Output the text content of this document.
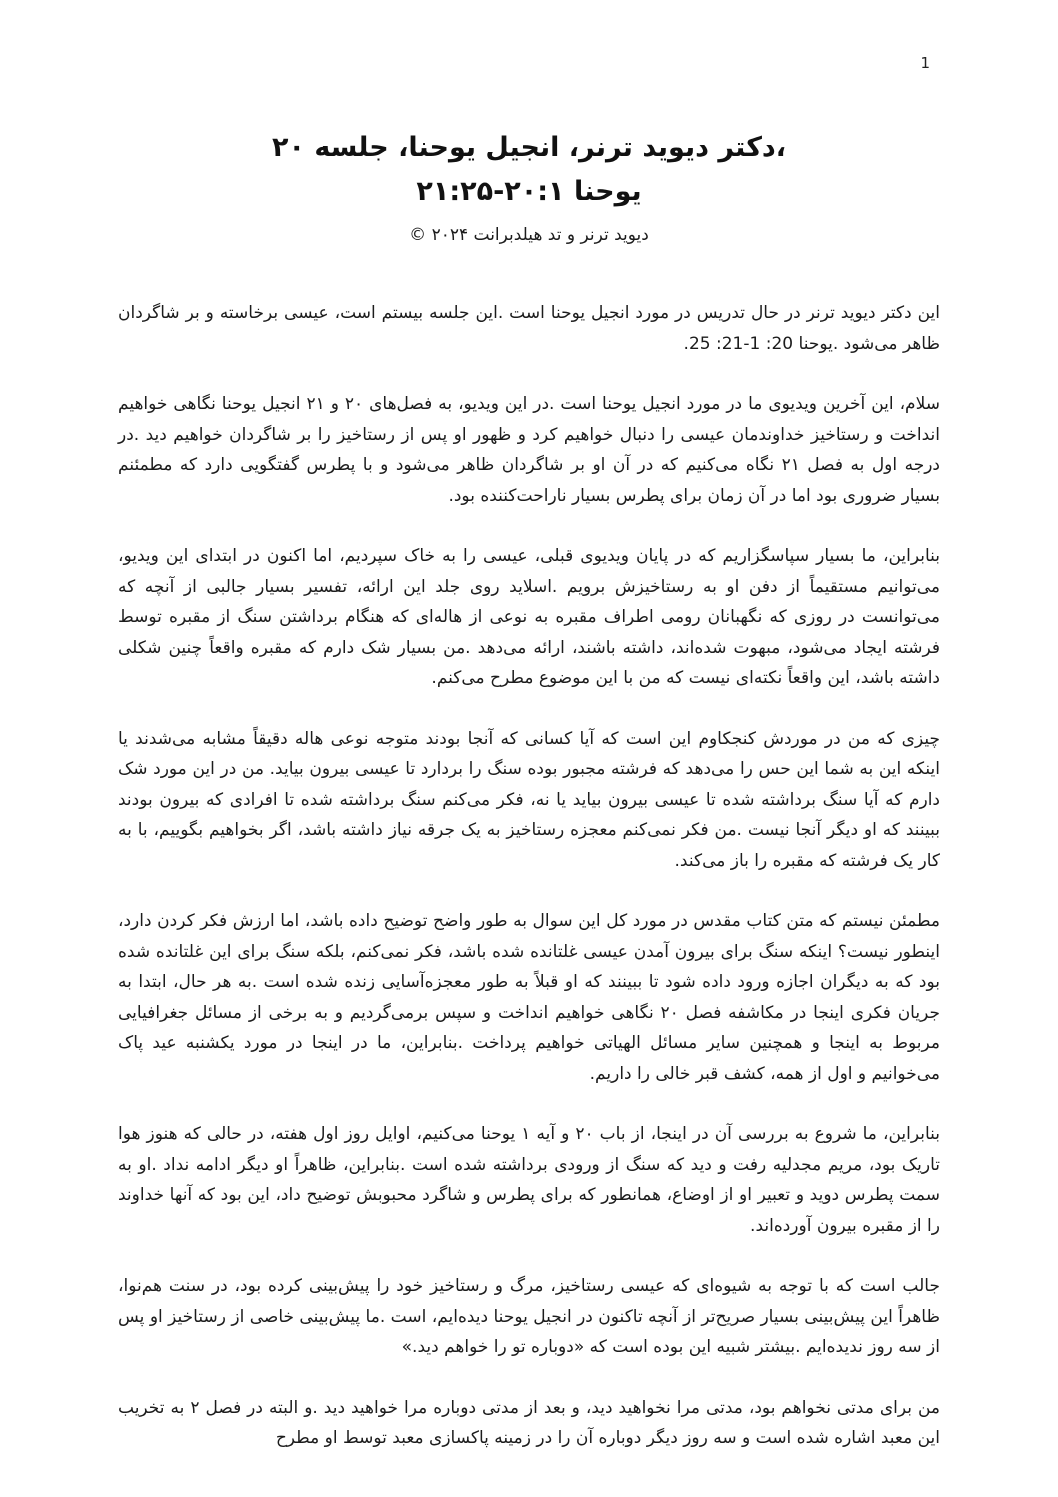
1
،دکتر دیوید ترنر، انجیل یوحنا، جلسه ۲۰
یوحنا ۲۰:۱-۲۱:۲۵
دیوید ترنر و تد هیلدبرانت ۲۰۲۴ ©

این دکتر دیوید ترنر در حال تدریس در مورد انجیل یوحنا است .این جلسه بیستم است، عیسی برخاسته و بر شاگردان ظاهر می‌شود .یوحنا 20: 1-21: 25.

سلام، این آخرین ویدیوی ما در مورد انجیل یوحنا است .در این ویدیو، به فصل‌های ۲۰ و ۲۱ انجیل یوحنا نگاهی خواهیم انداخت و رستاخیز خداوندمان عیسی را دنبال خواهیم کرد و ظهور او پس از رستاخیز را بر شاگردان خواهیم دید .در درجه اول به فصل ۲۱ نگاه می‌کنیم که در آن او بر شاگردان ظاهر می‌شود و با پطرس گفتگویی دارد که مطمئنم بسیار ضروری بود اما در آن زمان برای پطرس بسیار ناراحت‌کننده بود.

بنابراین، ما بسیار سپاسگزاریم که در پایان ویدیوی قبلی، عیسی را به خاک سپردیم، اما اکنون در ابتدای این ویدیو، می‌توانیم مستقیماً از دفن او به رستاخیزش برویم .اسلاید روی جلد این ارائه، تفسیر بسیار جالبی از آنچه که می‌توانست در روزی که نگهبانان رومی اطراف مقبره به نوعی از هاله‌ای که هنگام برداشتن سنگ از مقبره توسط فرشته ایجاد می‌شود، مبهوت شده‌اند، داشته باشند، ارائه می‌دهد .من بسیار شک دارم که مقبره واقعاً چنین شکلی داشته باشد، این واقعاً نکته‌ای نیست که من با این موضوع مطرح می‌کنم.

چیزی که من در موردش کنجکاوم این است که آیا کسانی که آنجا بودند متوجه نوعی هاله دقیقاً مشابه می‌شدند یا اینکه این به شما این حس را می‌دهد که فرشته مجبور بوده سنگ را بردارد تا عیسی بیرون بیاید. من در این مورد شک دارم که آیا سنگ برداشته شده تا عیسی بیرون بیاید یا نه، فکر می‌کنم سنگ برداشته شده تا افرادی که بیرون بودند ببینند که او دیگر آنجا نیست .من فکر نمی‌کنم معجزه رستاخیز به یک جرقه نیاز داشته باشد، اگر بخواهیم بگوییم، با به کار یک فرشته که مقبره را باز می‌کند.

مطمئن نیستم که متن کتاب مقدس در مورد کل این سوال به طور واضح توضیح داده باشد، اما ارزش فکر کردن دارد، اینطور نیست؟ اینکه سنگ برای بیرون آمدن عیسی غلتانده شده باشد، فکر نمی‌کنم، بلکه سنگ برای این غلتانده شده بود که به دیگران اجازه ورود داده شود تا ببینند که او قبلاً به طور معجزه‌آسایی زنده شده است .به هر حال، ابتدا به جریان فکری اینجا در مکاشفه فصل ۲۰ نگاهی خواهیم انداخت و سپس برمی‌گردیم و به برخی از مسائل جغرافیایی مربوط به اینجا و همچنین سایر مسائل الهیاتی خواهیم پرداخت .بنابراین، ما در اینجا در مورد یکشنبه عید پاک می‌خوانیم و اول از همه، کشف قبر خالی را داریم.

بنابراین، ما شروع به بررسی آن در اینجا، از باب ۲۰ و آیه ۱ یوحنا می‌کنیم، اوایل روز اول هفته، در حالی که هنوز هوا تاریک بود، مریم مجدلیه رفت و دید که سنگ از ورودی برداشته شده است .بنابراین، ظاهراً او دیگر ادامه نداد .او به سمت پطرس دوید و تعبیر او از اوضاع، همانطور که برای پطرس و شاگرد محبوبش توضیح داد، این بود که آنها خداوند را از مقبره بیرون آورده‌اند.

جالب است که با توجه به شیوه‌ای که عیسی رستاخیز، مرگ و رستاخیز خود را پیش‌بینی کرده بود، در سنت هم‌نوا، ظاهراً این پیش‌بینی بسیار صریح‌تر از آنچه تاکنون در انجیل یوحنا دیده‌ایم، است .ما پیش‌بینی خاصی از رستاخیز او پس از سه روز ندیده‌ایم .بیشتر شبیه این بوده است که «دوباره تو را خواهم دید.»

من برای مدتی نخواهم بود، مدتی مرا نخواهید دید، و بعد از مدتی دوباره مرا خواهید دید .و البته در فصل ۲ به تخریب این معبد اشاره شده است و سه روز دیگر دوباره آن را در زمینه پاکسازی معبد توسط او مطرح
